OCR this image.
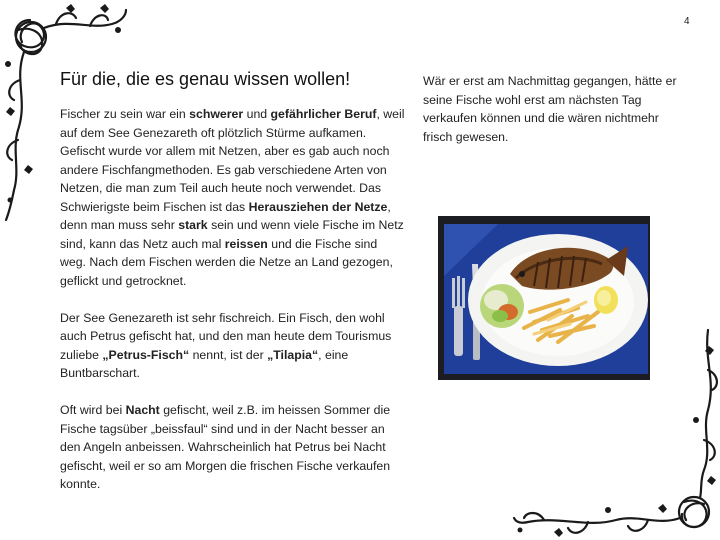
4
Für die, die es genau wissen wollen!

Fischer zu sein war ein schwerer und gefährlicher Beruf, weil auf dem See Genezareth oft plötzlich Stürme aufkamen. Gefischt wurde vor allem mit Netzen, aber es gab auch noch andere Fischfangmethoden. Es gab verschiedene Arten von Netzen, die man zum Teil auch heute noch verwendet. Das Schwierigste beim Fischen ist das Herausziehen der Netze, denn man muss sehr stark sein und wenn viele Fische im Netz sind, kann das Netz auch mal reissen und die Fische sind weg. Nach dem Fischen werden die Netze an Land gezogen, geflickt und getrocknet.

Der See Genezareth ist sehr fischreich. Ein Fisch, den wohl auch Petrus gefischt hat, und den man heute dem Tourismus zuliebe „Petrus-Fisch“ nennt, ist der „Tilapia“, eine Buntbarschart.

Oft wird bei Nacht gefischt, weil z.B. im heissen Sommer die Fische tagsüber „beissfaul“ sind und in der Nacht besser an den Angeln anbeissen. Wahrscheinlich hat Petrus bei Nacht gefischt, weil er so am Morgen die frischen Fische verkaufen konnte.

Wär er erst am Nachmittag gegangen, hätte er seine Fische wohl erst am nächsten Tag verkaufen können und die wären nichtmehr frisch gewesen.
